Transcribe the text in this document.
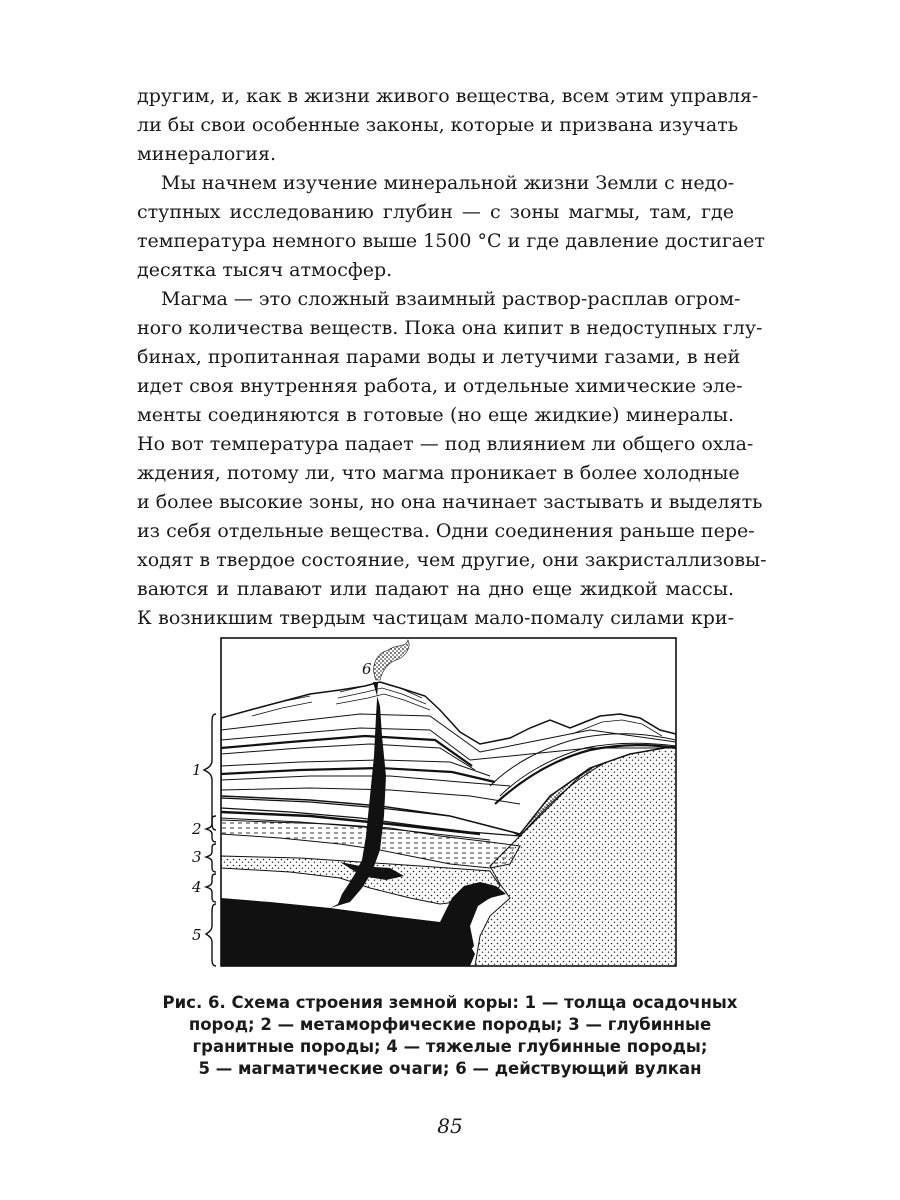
другим, и, как в жизни живого вещества, всем этим управля-
ли бы свои особенные законы, которые и призвана изучать
минералогия.
Мы начнем изучение минеральной жизни Земли с недо-
ступных исследованию глубин — с зоны магмы, там, где
температура немного выше 1500 °С и где давление достигает
десятка тысяч атмосфер.
Магма — это сложный взаимный раствор-расплав огром-
ного количества веществ. Пока она кипит в недоступных глу-
бинах, пропитанная парами воды и летучими газами, в ней
идет своя внутренняя работа, и отдельные химические эле-
менты соединяются в готовые (но еще жидкие) минералы.
Но вот температура падает — под влиянием ли общего охла-
ждения, потому ли, что магма проникает в более холодные
и более высокие зоны, но она начинает застывать и выделять
из себя отдельные вещества. Одни соединения раньше пере-
ходят в твердое состояние, чем другие, они закристаллизовы-
ваются и плавают или падают на дно еще жидкой массы.
К возникшим твердым частицам мало-помалу силами кри-
1
2
3
4
5
6
Рис. 6. Схема строения земной коры: 1 — толща осадочных
пород; 2 — метаморфические породы; 3 — глубинные
гранитные породы; 4 — тяжелые глубинные породы;
5 — магматические очаги; 6 — действующий вулкан
85
